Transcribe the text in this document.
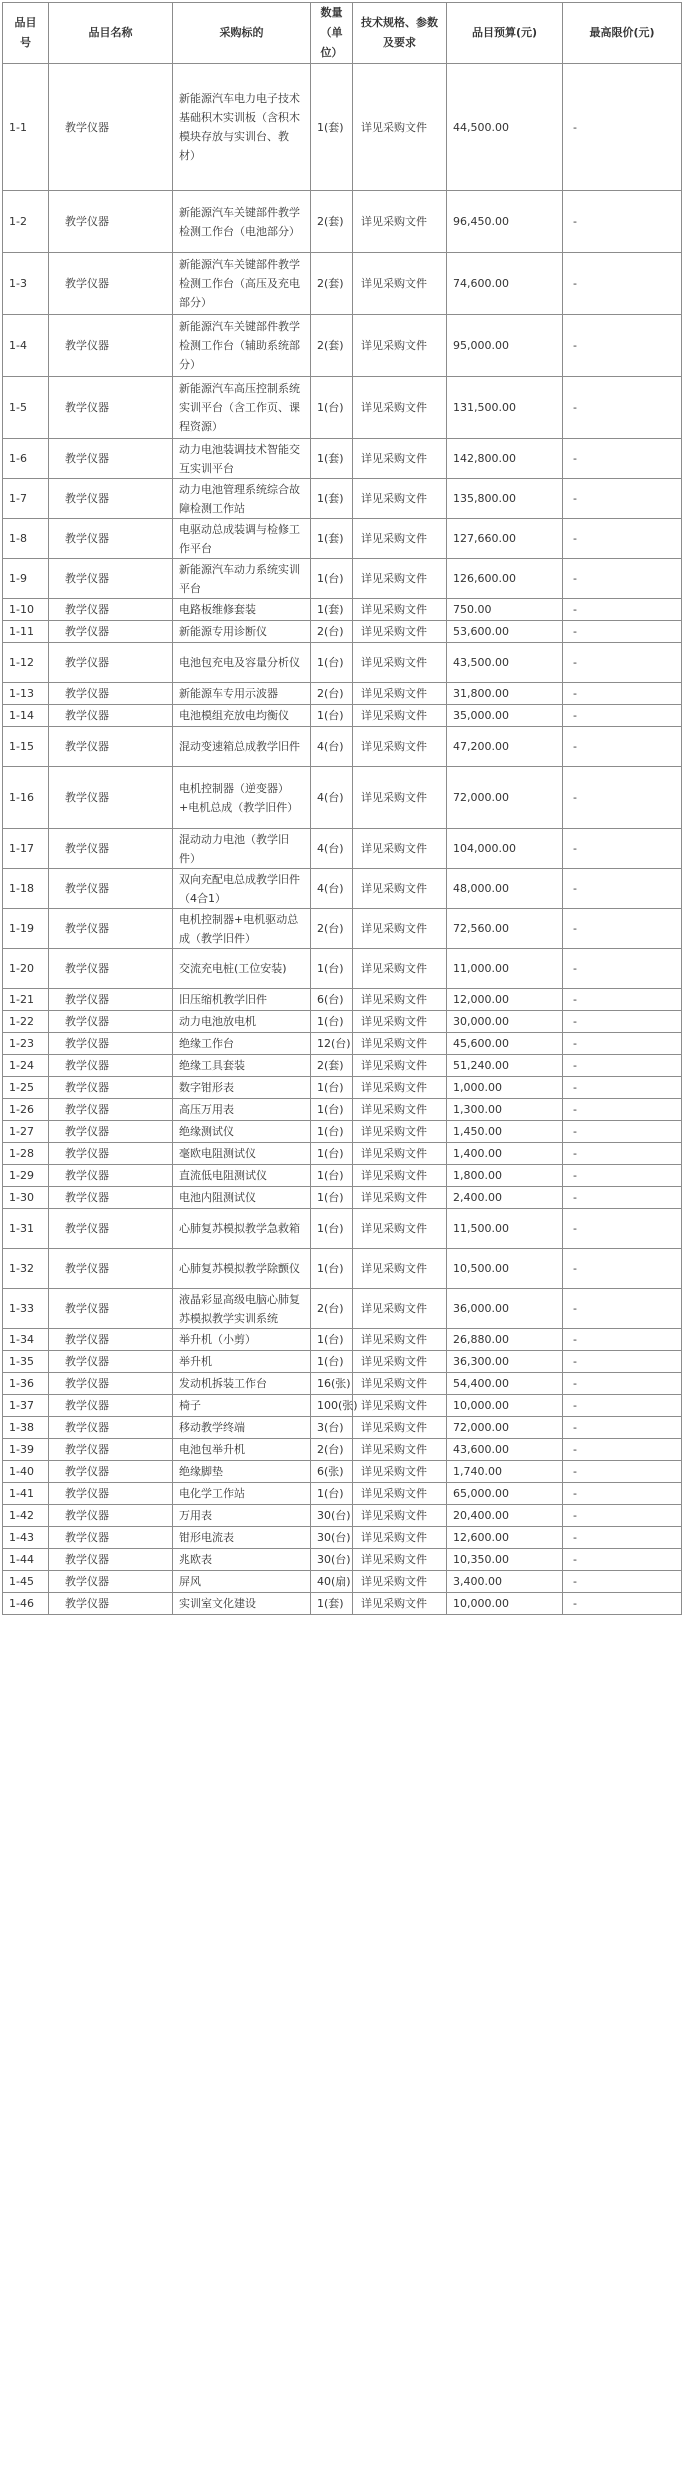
品目号	品目名称	采购标的	数量（单位）	技术规格、参数及要求	品目预算(元)	最高限价(元)
1-1	教学仪器	新能源汽车电力电子技术基础积木实训板（含积木模块存放与实训台、教材）	1(套)	详见采购文件	44,500.00	-
1-2	教学仪器	新能源汽车关键部件教学检测工作台（电池部分）	2(套)	详见采购文件	96,450.00	-
1-3	教学仪器	新能源汽车关键部件教学检测工作台（高压及充电部分）	2(套)	详见采购文件	74,600.00	-
1-4	教学仪器	新能源汽车关键部件教学检测工作台（辅助系统部分）	2(套)	详见采购文件	95,000.00	-
1-5	教学仪器	新能源汽车高压控制系统实训平台（含工作页、课程资源）	1(台)	详见采购文件	131,500.00	-
1-6	教学仪器	动力电池装调技术智能交互实训平台	1(套)	详见采购文件	142,800.00	-
1-7	教学仪器	动力电池管理系统综合故障检测工作站	1(套)	详见采购文件	135,800.00	-
1-8	教学仪器	电驱动总成装调与检修工作平台	1(套)	详见采购文件	127,660.00	-
1-9	教学仪器	新能源汽车动力系统实训平台	1(台)	详见采购文件	126,600.00	-
1-10	教学仪器	电路板维修套装	1(套)	详见采购文件	750.00	-
1-11	教学仪器	新能源专用诊断仪	2(台)	详见采购文件	53,600.00	-
1-12	教学仪器	电池包充电及容量分析仪	1(台)	详见采购文件	43,500.00	-
1-13	教学仪器	新能源车专用示波器	2(台)	详见采购文件	31,800.00	-
1-14	教学仪器	电池模组充放电均衡仪	1(台)	详见采购文件	35,000.00	-
1-15	教学仪器	混动变速箱总成教学旧件	4(台)	详见采购文件	47,200.00	-
1-16	教学仪器	电机控制器（逆变器）+电机总成（教学旧件）	4(台)	详见采购文件	72,000.00	-
1-17	教学仪器	混动动力电池（教学旧件）	4(台)	详见采购文件	104,000.00	-
1-18	教学仪器	双向充配电总成教学旧件（4合1）	4(台)	详见采购文件	48,000.00	-
1-19	教学仪器	电机控制器+电机驱动总成（教学旧件）	2(台)	详见采购文件	72,560.00	-
1-20	教学仪器	交流充电桩(工位安装)	1(台)	详见采购文件	11,000.00	-
1-21	教学仪器	旧压缩机教学旧件	6(台)	详见采购文件	12,000.00	-
1-22	教学仪器	动力电池放电机	1(台)	详见采购文件	30,000.00	-
1-23	教学仪器	绝缘工作台	12(台)	详见采购文件	45,600.00	-
1-24	教学仪器	绝缘工具套装	2(套)	详见采购文件	51,240.00	-
1-25	教学仪器	数字钳形表	1(台)	详见采购文件	1,000.00	-
1-26	教学仪器	高压万用表	1(台)	详见采购文件	1,300.00	-
1-27	教学仪器	绝缘测试仪	1(台)	详见采购文件	1,450.00	-
1-28	教学仪器	毫欧电阻测试仪	1(台)	详见采购文件	1,400.00	-
1-29	教学仪器	直流低电阻测试仪	1(台)	详见采购文件	1,800.00	-
1-30	教学仪器	电池内阻测试仪	1(台)	详见采购文件	2,400.00	-
1-31	教学仪器	心肺复苏模拟教学急救箱	1(台)	详见采购文件	11,500.00	-
1-32	教学仪器	心肺复苏模拟教学除颤仪	1(台)	详见采购文件	10,500.00	-
1-33	教学仪器	液晶彩显高级电脑心肺复苏模拟教学实训系统	2(台)	详见采购文件	36,000.00	-
1-34	教学仪器	举升机（小剪）	1(台)	详见采购文件	26,880.00	-
1-35	教学仪器	举升机	1(台)	详见采购文件	36,300.00	-
1-36	教学仪器	发动机拆装工作台	16(张)	详见采购文件	54,400.00	-
1-37	教学仪器	椅子	100(张)	详见采购文件	10,000.00	-
1-38	教学仪器	移动教学终端	3(台)	详见采购文件	72,000.00	-
1-39	教学仪器	电池包举升机	2(台)	详见采购文件	43,600.00	-
1-40	教学仪器	绝缘脚垫	6(张)	详见采购文件	1,740.00	-
1-41	教学仪器	电化学工作站	1(台)	详见采购文件	65,000.00	-
1-42	教学仪器	万用表	30(台)	详见采购文件	20,400.00	-
1-43	教学仪器	钳形电流表	30(台)	详见采购文件	12,600.00	-
1-44	教学仪器	兆欧表	30(台)	详见采购文件	10,350.00	-
1-45	教学仪器	屏风	40(扇)	详见采购文件	3,400.00	-
1-46	教学仪器	实训室文化建设	1(套)	详见采购文件	10,000.00	-
